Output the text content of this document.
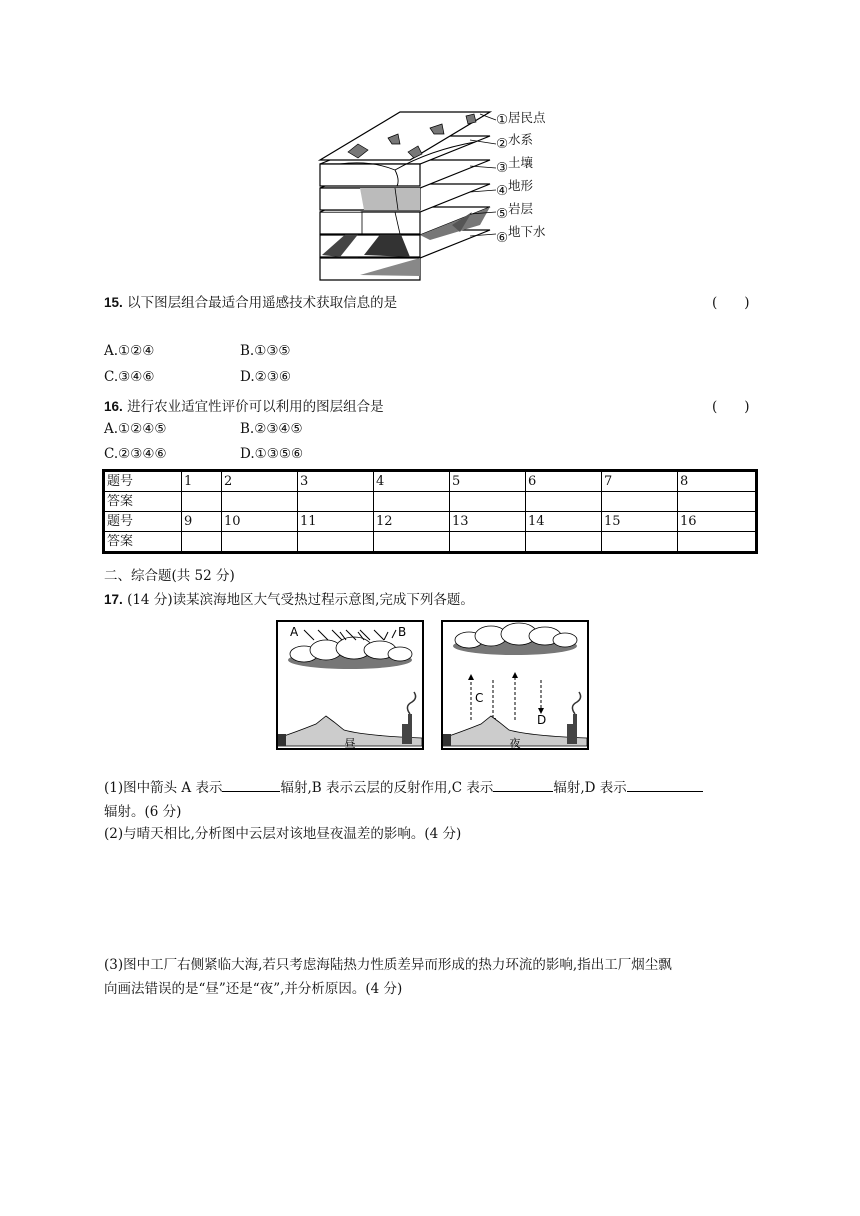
① 居民点
② 水系
③ 土壤
④ 地形
⑤ 岩层
⑥ 地下水
15. 以下图层组合最适合用遥感技术获取信息的是	(　　)
A.①②④	B.①③⑤
C.③④⑥	D.②③⑥
16. 进行农业适宜性评价可以利用的图层组合是	(　　)
A.①②④⑤	B.②③④⑤
C.②③④⑥	D.①③⑤⑥
题号	1	2	3	4	5	6	7	8
答案								
题号	9	10	11	12	13	14	15	16
答案								
二、综合题(共 52 分)
17. (14 分)读某滨海地区大气受热过程示意图,完成下列各题。
A	B
昼
C
D
夜
(1)图中箭头 A 表示	辐射,B 表示云层的反射作用,C 表示	辐射,D 表示
辐射。(6 分)
(2)与晴天相比,分析图中云层对该地昼夜温差的影响。(4 分)
(3)图中工厂右侧紧临大海,若只考虑海陆热力性质差异而形成的热力环流的影响,指出工厂烟尘飘
向画法错误的是“昼”还是“夜”,并分析原因。(4 分)
